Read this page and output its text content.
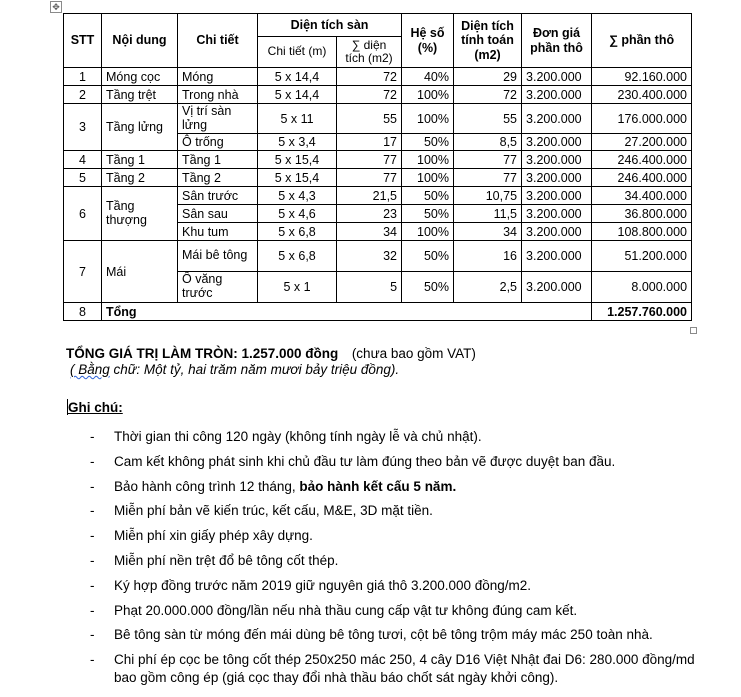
✥
STT	Nội dung	Chi tiết	Diện tích sàn		Hệ số (%)	Diện tích tính toán (m2)	Đơn giá phần thô	∑ phần thô
			Chi tiết (m)	∑ diện tích (m2)				
1	Móng cọc	Móng	5 x 14,4	72	40%	29	3.200.000	92.160.000
2	Tầng trệt	Trong nhà	5 x 14,4	72	100%	72	3.200.000	230.400.000
3	Tầng lửng	Vị trí sàn lửng	5 x 11	55	100%	55	3.200.000	176.000.000
		Ô trống	5 x 3,4	17	50%	8,5	3.200.000	27.200.000
4	Tầng 1	Tầng 1	5 x 15,4	77	100%	77	3.200.000	246.400.000
5	Tầng 2	Tầng 2	5 x 15,4	77	100%	77	3.200.000	246.400.000
6	Tầng thượng	Sân trước	5 x 4,3	21,5	50%	10,75	3.200.000	34.400.000
		Sân sau	5 x 4,6	23	50%	11,5	3.200.000	36.800.000
		Khu tum	5 x 6,8	34	100%	34	3.200.000	108.800.000
7	Mái	Mái bê tông	5 x 6,8	32	50%	16	3.200.000	51.200.000
		Ô văng trước	5 x 1	5	50%	2,5	3.200.000	8.000.000
8	Tổng							1.257.760.000
TỔNG GIÁ TRỊ LÀM TRÒN: 1.257.000 đồng (chưa bao gồm VAT)
( Bằng chữ: Một tỷ, hai trăm năm mươi bảy triệu đồng).
Ghi chú:
- Thời gian thi công 120 ngày (không tính ngày lễ và chủ nhật).
- Cam kết không phát sinh khi chủ đầu tư làm đúng theo bản vẽ được duyệt ban đầu.
- Bảo hành công trình 12 tháng, bảo hành kết cấu 5 năm.
- Miễn phí bản vẽ kiến trúc, kết cấu, M&E, 3D mặt tiền.
- Miễn phí xin giấy phép xây dựng.
- Miễn phí nền trệt đổ bê tông cốt thép.
- Ký hợp đồng trước năm 2019 giữ nguyên giá thô 3.200.000 đồng/m2.
- Phạt 20.000.000 đồng/lần nếu nhà thầu cung cấp vật tư không đúng cam kết.
- Bê tông sàn từ móng đến mái dùng bê tông tươi, cột bê tông trộm máy mác 250 toàn nhà.
- Chi phí ép cọc be tông cốt thép 250x250 mác 250, 4 cây D16 Việt Nhật đai D6: 280.000 đồng/md bao gồm công ép (giá cọc thay đổi nhà thầu báo chốt sát ngày khởi công).
